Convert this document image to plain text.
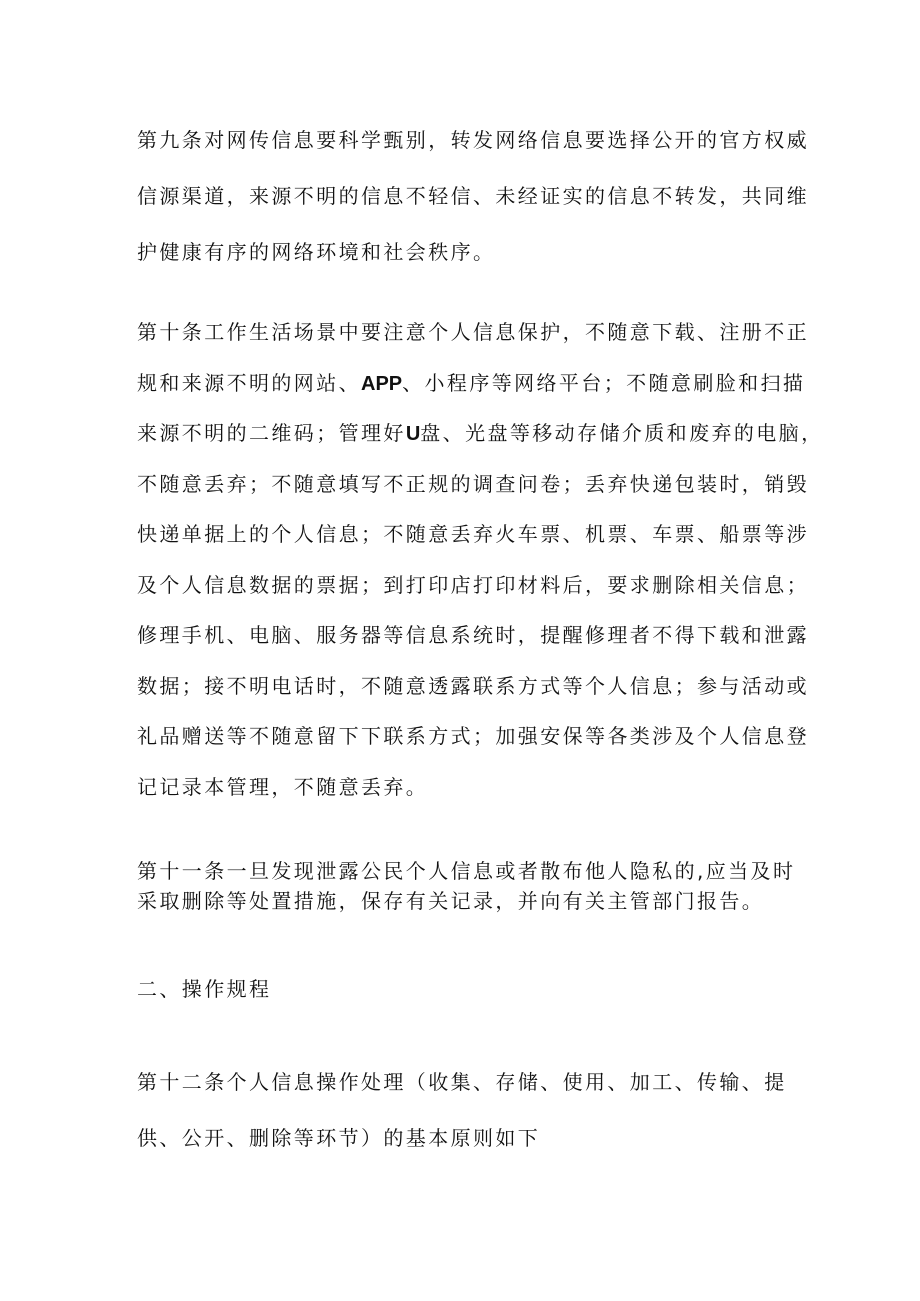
第九条对网传信息要科学甄别，转发网络信息要选择公开的官方权威
信源渠道，来源不明的信息不轻信、未经证实的信息不转发，共同维
护健康有序的网络环境和社会秩序。
第十条工作生活场景中要注意个人信息保护，不随意下载、注册不正
规和来源不明的网站、APP、小程序等网络平台；不随意刷脸和扫描
来源不明的二维码；管理好U盘、光盘等移动存储介质和废弃的电脑，
不随意丢弃；不随意填写不正规的调查问卷；丢弃快递包装时，销毁
快递单据上的个人信息；不随意丢弃火车票、机票、车票、船票等涉
及个人信息数据的票据；到打印店打印材料后，要求删除相关信息；
修理手机、电脑、服务器等信息系统时，提醒修理者不得下载和泄露
数据；接不明电话时，不随意透露联系方式等个人信息；参与活动或
礼品赠送等不随意留下下联系方式；加强安保等各类涉及个人信息登
记记录本管理，不随意丢弃。
第十一条一旦发现泄露公民个人信息或者散布他人隐私的,应当及时
采取删除等处置措施，保存有关记录，并向有关主管部门报告。
二、操作规程
第十二条个人信息操作处理（收集、存储、使用、加工、传输、提
供、公开、删除等环节）的基本原则如下
